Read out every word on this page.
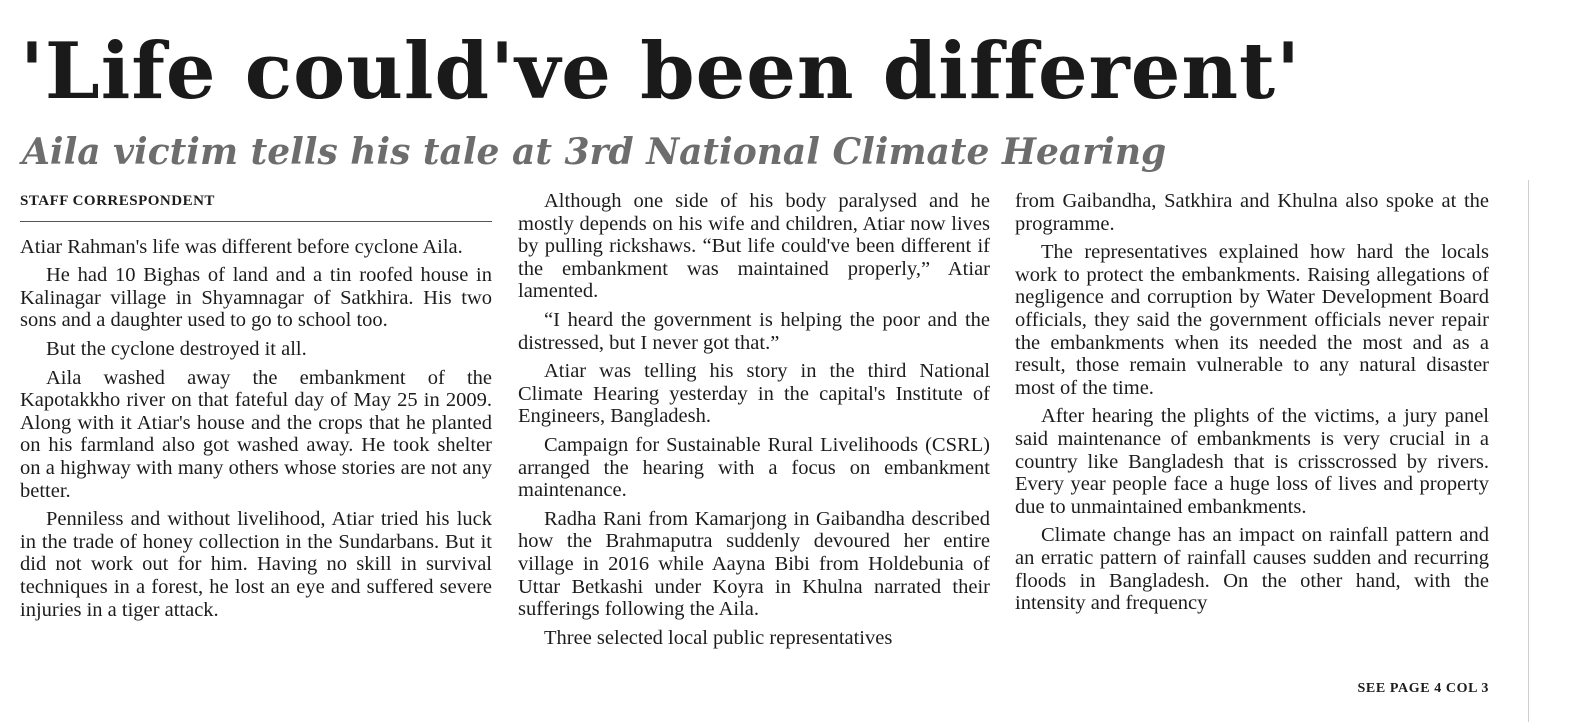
'Life could've been different'
Aila victim tells his tale at 3rd National Climate Hearing
STAFF CORRESPONDENT

Atiar Rahman's life was different before cyclone Aila.

He had 10 Bighas of land and a tin roofed house in Kalinagar village in Shyamnagar of Satkhira. His two sons and a daughter used to go to school too.

But the cyclone destroyed it all.

Aila washed away the embankment of the Kapotakkho river on that fateful day of May 25 in 2009. Along with it Atiar's house and the crops that he planted on his farmland also got washed away. He took shelter on a highway with many others whose stories are not any better.

Penniless and without livelihood, Atiar tried his luck in the trade of honey collection in the Sundarbans. But it did not work out for him. Having no skill in survival techniques in a forest, he lost an eye and suffered severe injuries in a tiger attack.

Although one side of his body paralysed and he mostly depends on his wife and children, Atiar now lives by pulling rickshaws. “But life could've been different if the embankment was maintained properly,” Atiar lamented.

“I heard the government is helping the poor and the distressed, but I never got that.”

Atiar was telling his story in the third National Climate Hearing yesterday in the capital's Institute of Engineers, Bangladesh.

Campaign for Sustainable Rural Livelihoods (CSRL) arranged the hearing with a focus on embankment maintenance.

Radha Rani from Kamarjong in Gaibandha described how the Brahmaputra suddenly devoured her entire village in 2016 while Aayna Bibi from Holdebunia of Uttar Betkashi under Koyra in Khulna narrated their sufferings following the Aila.

Three selected local public representatives

from Gaibandha, Satkhira and Khulna also spoke at the programme.

The representatives explained how hard the locals work to protect the embankments. Raising allegations of negligence and corruption by Water Development Board officials, they said the government officials never repair the embankments when its needed the most and as a result, those remain vulnerable to any natural disaster most of the time.

After hearing the plights of the victims, a jury panel said maintenance of embankments is very crucial in a country like Bangladesh that is crisscrossed by rivers. Every year people face a huge loss of lives and property due to unmaintained embankments.

Climate change has an impact on rainfall pattern and an erratic pattern of rainfall causes sudden and recurring floods in Bangladesh. On the other hand, with the intensity and frequency

SEE PAGE 4 COL 3
